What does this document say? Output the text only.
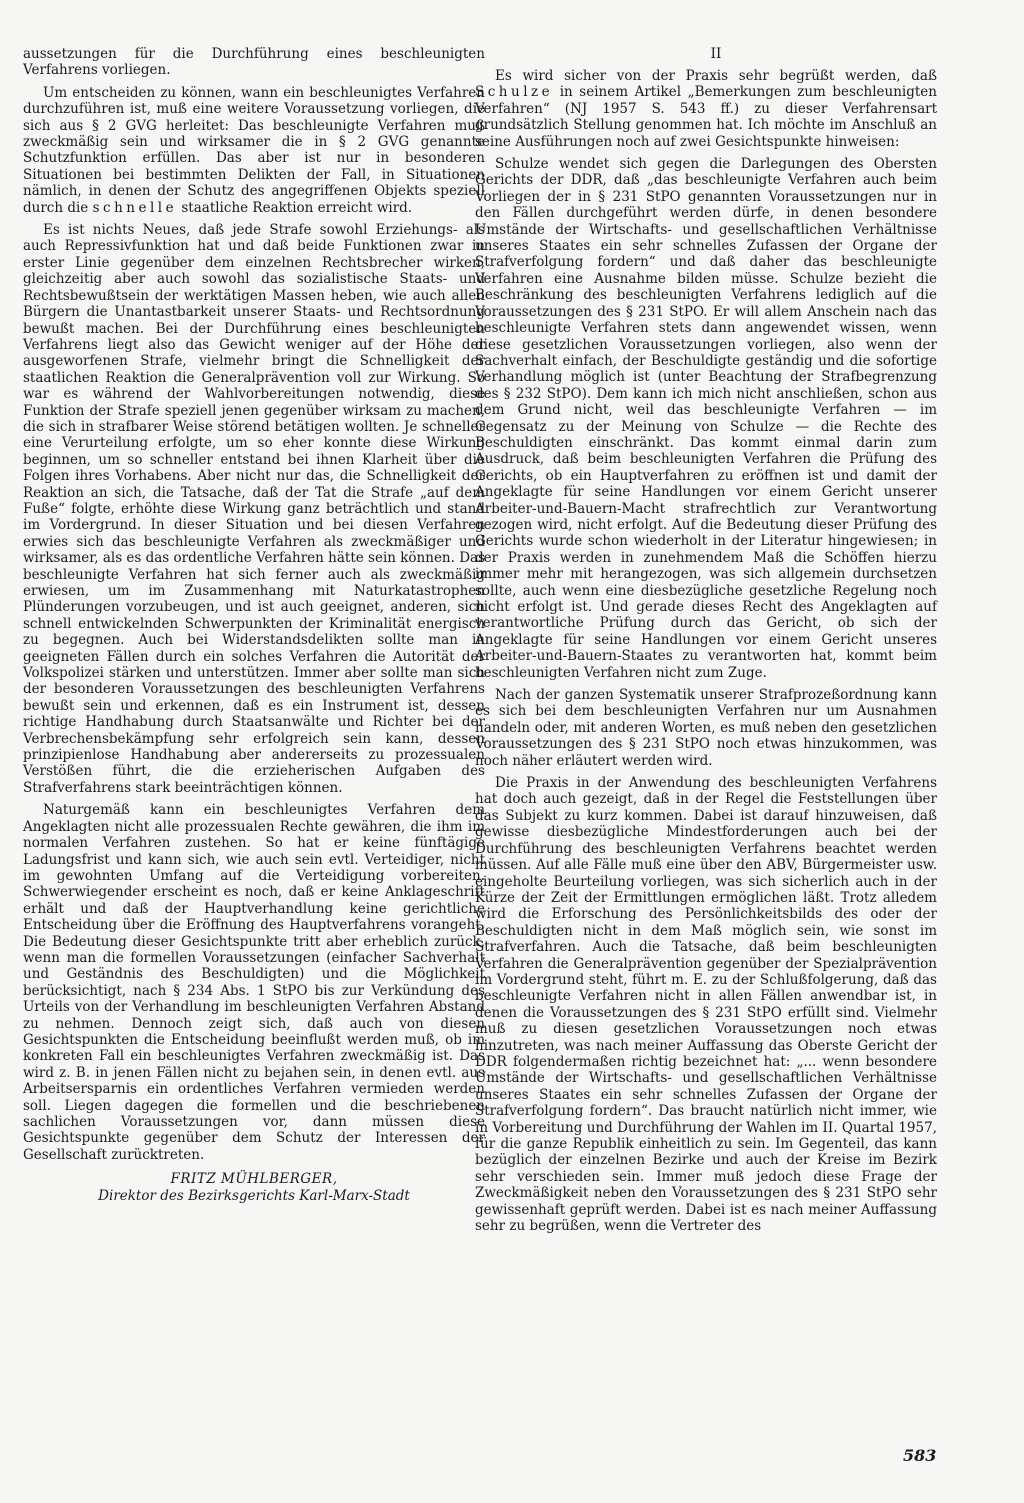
aussetzungen für die Durchführung eines beschleunigten Verfahrens vorliegen.

Um entscheiden zu können, wann ein beschleunigtes Verfahren durchzuführen ist, muß eine weitere Voraussetzung vorliegen, die sich aus § 2 GVG herleitet: Das beschleunigte Verfahren muß zweckmäßig sein und wirksamer die in § 2 GVG genannte Schutzfunktion erfüllen. Das aber ist nur in besonderen Situationen bei bestimmten Delikten der Fall, in Situationen nämlich, in denen der Schutz des angegriffenen Objekts speziell durch die schnelle staatliche Reaktion erreicht wird.

Es ist nichts Neues, daß jede Strafe sowohl Erziehungs- als auch Repressivfunktion hat und daß beide Funktionen zwar in erster Linie gegenüber dem einzelnen Rechtsbrecher wirken, gleichzeitig aber auch sowohl das sozialistische Staats- und Rechtsbewußtsein der werktätigen Massen heben, wie auch allen Bürgern die Unantastbarkeit unserer Staats- und Rechtsordnung bewußt machen. Bei der Durchführung eines beschleunigten Verfahrens liegt also das Gewicht weniger auf der Höhe der ausgeworfenen Strafe, vielmehr bringt die Schnelligkeit der staatlichen Reaktion die Generalprävention voll zur Wirkung. So war es während der Wahlvorbereitungen notwendig, diese Funktion der Strafe speziell jenen gegenüber wirksam zu machen, die sich in strafbarer Weise störend betätigen wollten. Je schneller eine Verurteilung erfolgte, um so eher konnte diese Wirkung beginnen, um so schneller entstand bei ihnen Klarheit über die Folgen ihres Vorhabens. Aber nicht nur das, die Schnelligkeit der Reaktion an sich, die Tatsache, daß der Tat die Strafe „auf dem Fuße“ folgte, erhöhte diese Wirkung ganz beträchtlich und stand im Vordergrund. In dieser Situation und bei diesen Verfahren erwies sich das beschleunigte Verfahren als zweckmäßiger und wirksamer, als es das ordentliche Verfahren hätte sein können. Das beschleunigte Verfahren hat sich ferner auch als zweckmäßig erwiesen, um im Zusammenhang mit Naturkatastrophen Plünderungen vorzubeugen, und ist auch geeignet, anderen, sich schnell entwickelnden Schwerpunkten der Kriminalität energisch zu begegnen. Auch bei Widerstandsdelikten sollte man in geeigneten Fällen durch ein solches Verfahren die Autorität der Volkspolizei stärken und unterstützen. Immer aber sollte man sich der besonderen Voraussetzungen des beschleunigten Verfahrens bewußt sein und erkennen, daß es ein Instrument ist, dessen richtige Handhabung durch Staatsanwälte und Richter bei der Verbrechensbekämpfung sehr erfolgreich sein kann, dessen prinzipienlose Handhabung aber andererseits zu prozessualen Verstößen führt, die die erzieherischen Aufgaben des Strafverfahrens stark beeinträchtigen können.

Naturgemäß kann ein beschleunigtes Verfahren dem Angeklagten nicht alle prozessualen Rechte gewähren, die ihm im normalen Verfahren zustehen. So hat er keine fünftägige Ladungsfrist und kann sich, wie auch sein evtl. Verteidiger, nicht im gewohnten Umfang auf die Verteidigung vorbereiten. Schwerwiegender erscheint es noch, daß er keine Anklageschrift erhält und daß der Hauptverhandlung keine gerichtliche Entscheidung über die Eröffnung des Hauptverfahrens vorangeht. Die Bedeutung dieser Gesichtspunkte tritt aber erheblich zurück, wenn man die formellen Voraussetzungen (einfacher Sachverhalt und Geständnis des Beschuldigten) und die Möglichkeit berücksichtigt, nach § 234 Abs. 1 StPO bis zur Verkündung des Urteils von der Verhandlung im beschleunigten Verfahren Abstand zu nehmen. Dennoch zeigt sich, daß auch von diesen Gesichtspunkten die Entscheidung beeinflußt werden muß, ob im konkreten Fall ein beschleunigtes Verfahren zweckmäßig ist. Das wird z. B. in jenen Fällen nicht zu bejahen sein, in denen evtl. aus Arbeitsersparnis ein ordentliches Verfahren vermieden werden soll. Liegen dagegen die formellen und die beschriebenen sachlichen Voraussetzungen vor, dann müssen diese Gesichtspunkte gegenüber dem Schutz der Interessen der Gesellschaft zurücktreten.

FRITZ MÜHLBERGER,
Direktor des Bezirksgerichts Karl-Marx-Stadt

II

Es wird sicher von der Praxis sehr begrüßt werden, daß Schulze in seinem Artikel „Bemerkungen zum beschleunigten Verfahren“ (NJ 1957 S. 543 ff.) zu dieser Verfahrensart grundsätzlich Stellung genommen hat. Ich möchte im Anschluß an seine Ausführungen noch auf zwei Gesichtspunkte hinweisen:

Schulze wendet sich gegen die Darlegungen des Obersten Gerichts der DDR, daß „das beschleunigte Verfahren auch beim Vorliegen der in § 231 StPO genannten Voraussetzungen nur in den Fällen durchgeführt werden dürfe, in denen besondere Umstände der Wirtschafts- und gesellschaftlichen Verhältnisse unseres Staates ein sehr schnelles Zufassen der Organe der Strafverfolgung fordern“ und daß daher das beschleunigte Verfahren eine Ausnahme bilden müsse. Schulze bezieht die Beschränkung des beschleunigten Verfahrens lediglich auf die Voraussetzungen des § 231 StPO. Er will allem Anschein nach das beschleunigte Verfahren stets dann angewendet wissen, wenn diese gesetzlichen Voraussetzungen vorliegen, also wenn der Sachverhalt einfach, der Beschuldigte geständig und die sofortige Verhandlung möglich ist (unter Beachtung der Strafbegrenzung des § 232 StPO). Dem kann ich mich nicht anschließen, schon aus dem Grund nicht, weil das beschleunigte Verfahren — im Gegensatz zu der Meinung von Schulze — die Rechte des Beschuldigten einschränkt. Das kommt einmal darin zum Ausdruck, daß beim beschleunigten Verfahren die Prüfung des Gerichts, ob ein Hauptverfahren zu eröffnen ist und damit der Angeklagte für seine Handlungen vor einem Gericht unserer Arbeiter-und-Bauern-Macht strafrechtlich zur Verantwortung gezogen wird, nicht erfolgt. Auf die Bedeutung dieser Prüfung des Gerichts wurde schon wiederholt in der Literatur hingewiesen; in der Praxis werden in zunehmendem Maß die Schöffen hierzu immer mehr mit herangezogen, was sich allgemein durchsetzen sollte, auch wenn eine diesbezügliche gesetzliche Regelung noch nicht erfolgt ist. Und gerade dieses Recht des Angeklagten auf verantwortliche Prüfung durch das Gericht, ob sich der Angeklagte für seine Handlungen vor einem Gericht unseres Arbeiter-und-Bauern-Staates zu verantworten hat, kommt beim beschleunigten Verfahren nicht zum Zuge.

Nach der ganzen Systematik unserer Strafprozeßordnung kann es sich bei dem beschleunigten Verfahren nur um Ausnahmen handeln oder, mit anderen Worten, es muß neben den gesetzlichen Voraussetzungen des § 231 StPO noch etwas hinzukommen, was noch näher erläutert werden wird.

Die Praxis in der Anwendung des beschleunigten Verfahrens hat doch auch gezeigt, daß in der Regel die Feststellungen über das Subjekt zu kurz kommen. Dabei ist darauf hinzuweisen, daß gewisse diesbezügliche Mindestforderungen auch bei der Durchführung des beschleunigten Verfahrens beachtet werden müssen. Auf alle Fälle muß eine über den ABV, Bürgermeister usw. eingeholte Beurteilung vorliegen, was sich sicherlich auch in der Kürze der Zeit der Ermittlungen ermöglichen läßt. Trotz alledem wird die Erforschung des Persönlichkeitsbilds des oder der Beschuldigten nicht in dem Maß möglich sein, wie sonst im Strafverfahren. Auch die Tatsache, daß beim beschleunigten Verfahren die Generalprävention gegenüber der Spezialprävention im Vordergrund steht, führt m. E. zu der Schlußfolgerung, daß das beschleunigte Verfahren nicht in allen Fällen anwendbar ist, in denen die Voraussetzungen des § 231 StPO erfüllt sind. Vielmehr muß zu diesen gesetzlichen Voraussetzungen noch etwas hinzutreten, was nach meiner Auffassung das Oberste Gericht der DDR folgendermaßen richtig bezeichnet hat: „... wenn besondere Umstände der Wirtschafts- und gesellschaftlichen Verhältnisse unseres Staates ein sehr schnelles Zufassen der Organe der Strafverfolgung fordern“. Das braucht natürlich nicht immer, wie in Vorbereitung und Durchführung der Wahlen im II. Quartal 1957, für die ganze Republik einheitlich zu sein. Im Gegenteil, das kann bezüglich der einzelnen Bezirke und auch der Kreise im Bezirk sehr verschieden sein. Immer muß jedoch diese Frage der Zweckmäßigkeit neben den Voraussetzungen des § 231 StPO sehr gewissenhaft geprüft werden. Dabei ist es nach meiner Auffassung sehr zu begrüßen, wenn die Vertreter des

583
